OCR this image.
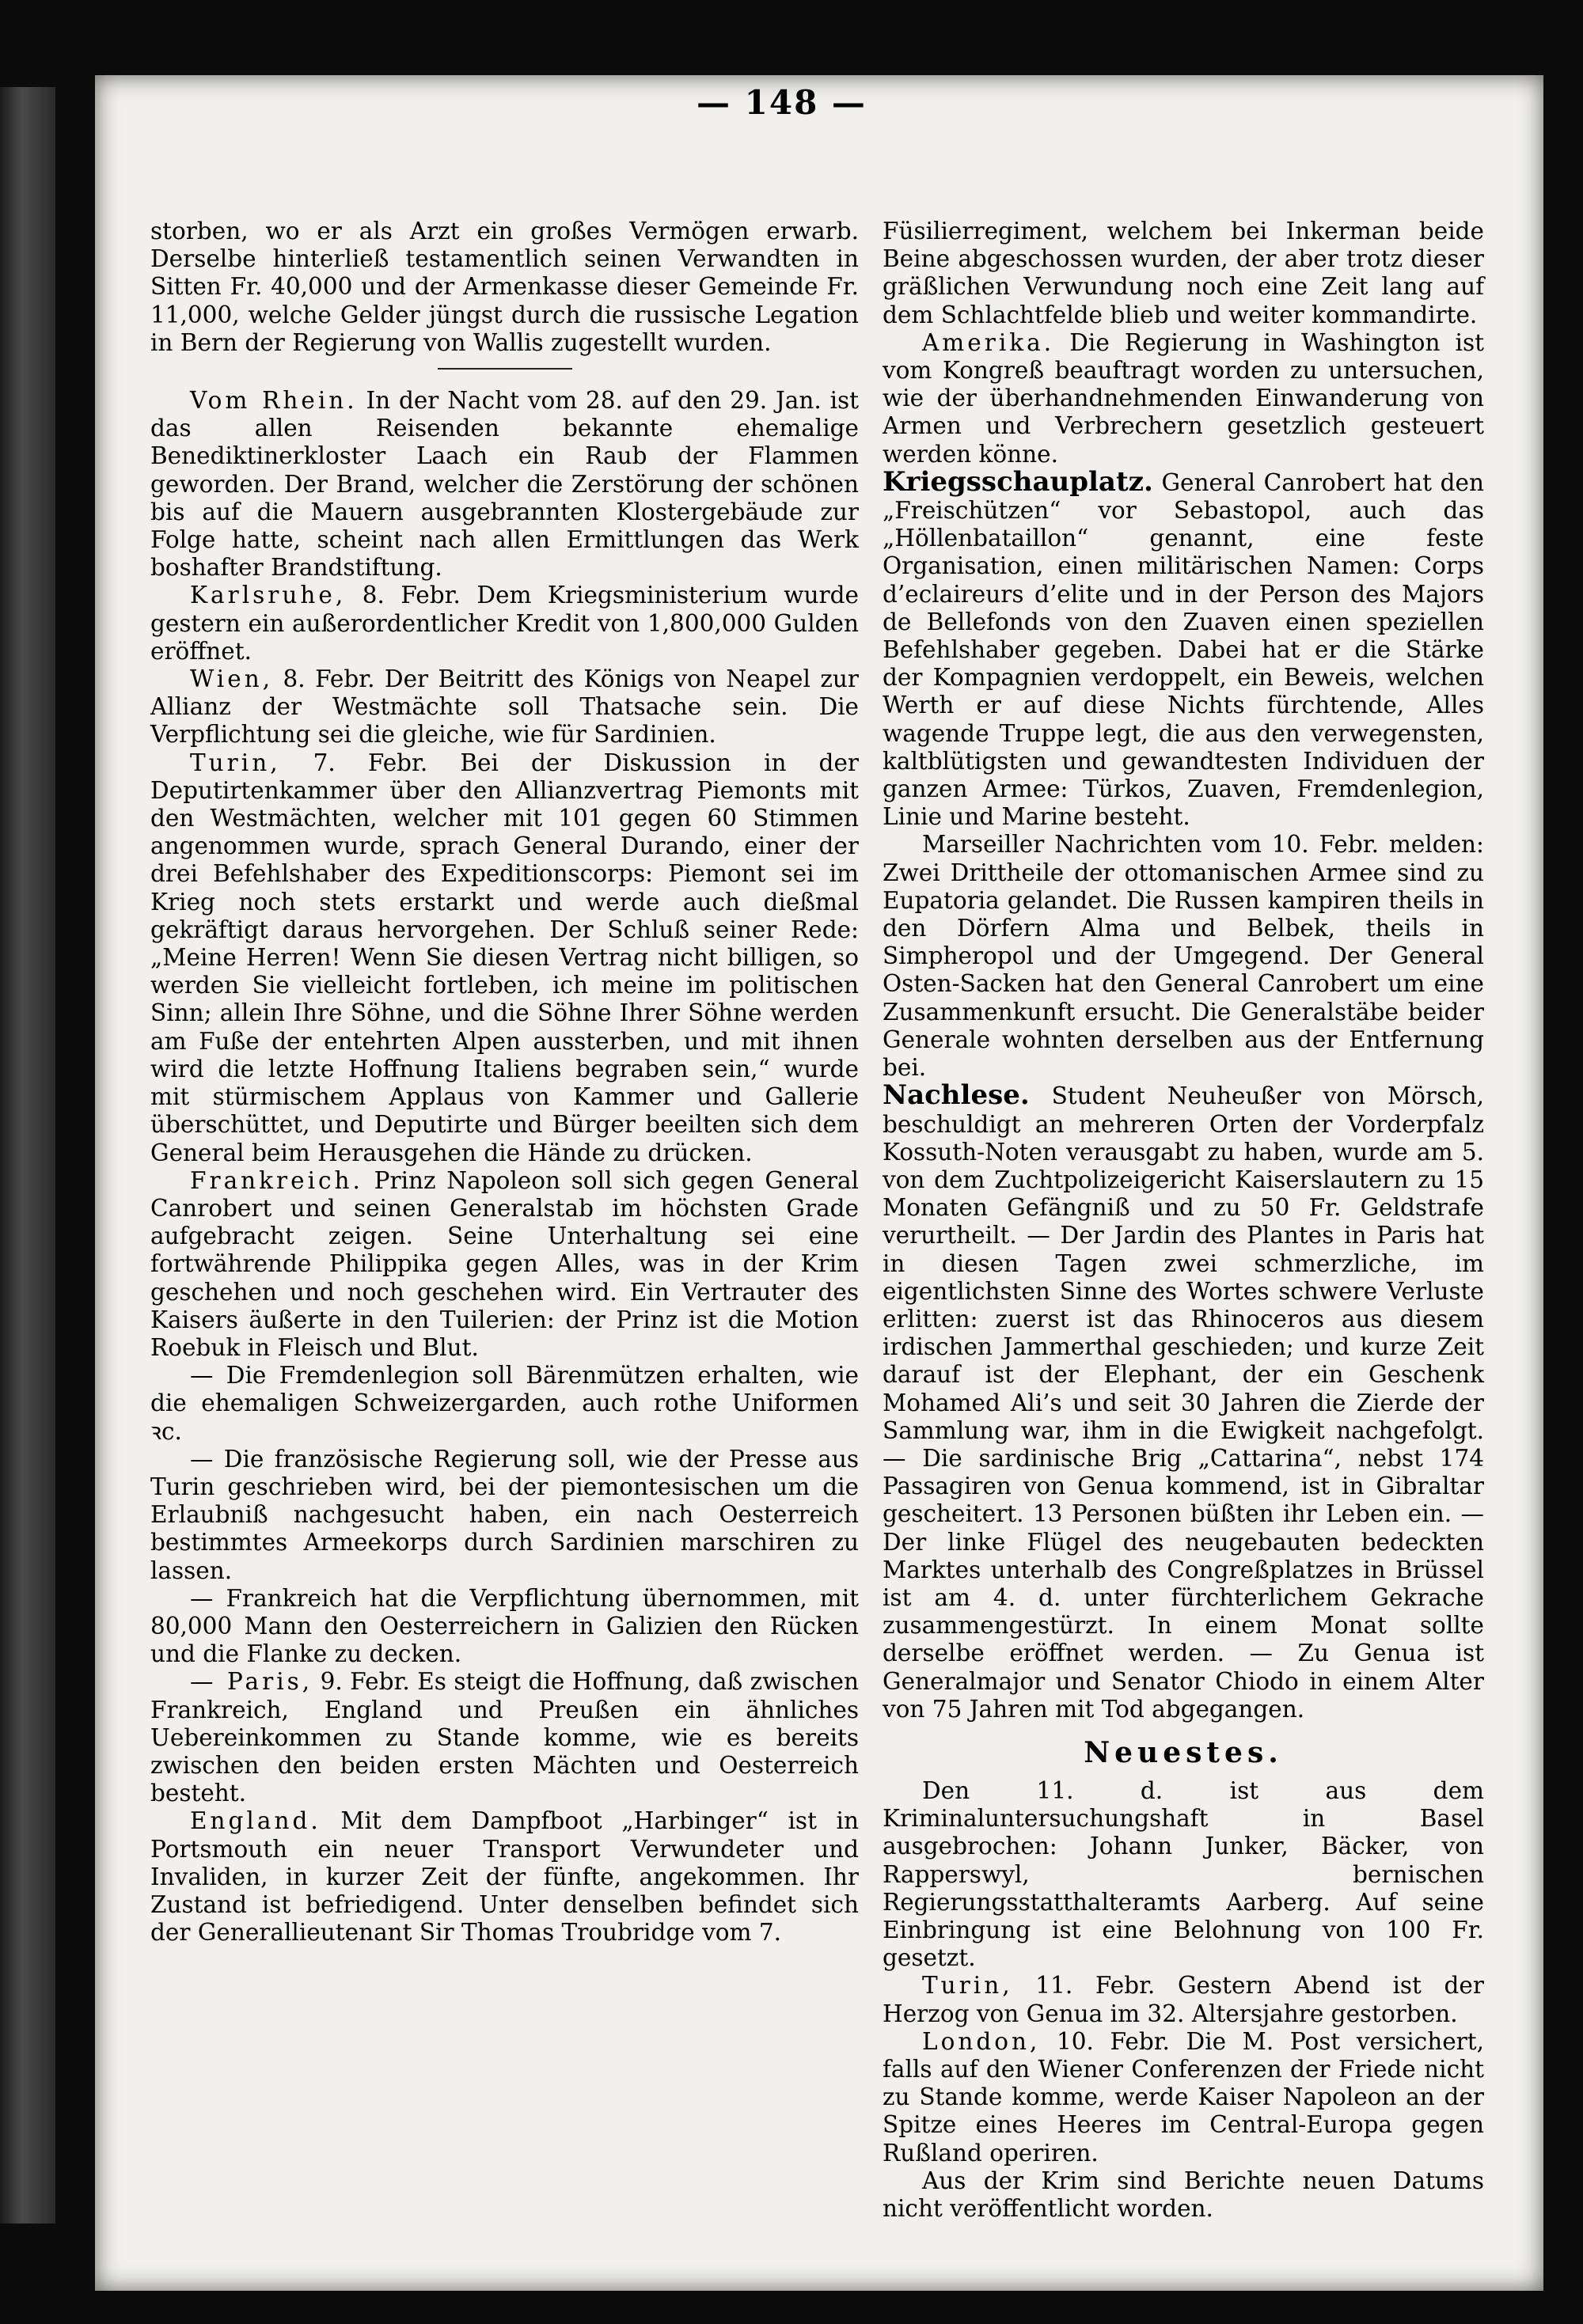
— 148 —

storben, wo er als Arzt ein großes Vermögen erwarb. Derselbe hinterließ testamentlich seinen Verwandten in Sitten Fr. 40,000 und der Armenkasse dieser Gemeinde Fr. 11,000, welche Gelder jüngst durch die russische Legation in Bern der Regierung von Wallis zugestellt wurden.

Vom Rhein. In der Nacht vom 28. auf den 29. Jan. ist das allen Reisenden bekannte ehemalige Benediktinerkloster Laach ein Raub der Flammen geworden. Der Brand, welcher die Zerstörung der schönen bis auf die Mauern ausgebrannten Klostergebäude zur Folge hatte, scheint nach allen Ermittlungen das Werk boshafter Brandstiftung.

Karlsruhe, 8. Febr. Dem Kriegsministerium wurde gestern ein außerordentlicher Kredit von 1,800,000 Gulden eröffnet.

Wien, 8. Febr. Der Beitritt des Königs von Neapel zur Allianz der Westmächte soll Thatsache sein. Die Verpflichtung sei die gleiche, wie für Sardinien.

Turin, 7. Febr. Bei der Diskussion in der Deputirtenkammer über den Allianzvertrag Piemonts mit den Westmächten, welcher mit 101 gegen 60 Stimmen angenommen wurde, sprach General Durando, einer der drei Befehlshaber des Expeditionscorps: Piemont sei im Krieg noch stets erstarkt und werde auch dießmal gekräftigt daraus hervorgehen. Der Schluß seiner Rede: „Meine Herren! Wenn Sie diesen Vertrag nicht billigen, so werden Sie vielleicht fortleben, ich meine im politischen Sinn; allein Ihre Söhne, und die Söhne Ihrer Söhne werden am Fuße der entehrten Alpen aussterben, und mit ihnen wird die letzte Hoffnung Italiens begraben sein,“ wurde mit stürmischem Applaus von Kammer und Gallerie überschüttet, und Deputirte und Bürger beeilten sich dem General beim Herausgehen die Hände zu drücken.

Frankreich. Prinz Napoleon soll sich gegen General Canrobert und seinen Generalstab im höchsten Grade aufgebracht zeigen. Seine Unterhaltung sei eine fortwährende Philippika gegen Alles, was in der Krim geschehen und noch geschehen wird. Ein Vertrauter des Kaisers äußerte in den Tuilerien: der Prinz ist die Motion Roebuk in Fleisch und Blut.

— Die Fremdenlegion soll Bärenmützen erhalten, wie die ehemaligen Schweizergarden, auch rothe Uniformen ꝛc.

— Die französische Regierung soll, wie der Presse aus Turin geschrieben wird, bei der piemontesischen um die Erlaubniß nachgesucht haben, ein nach Oesterreich bestimmtes Armeekorps durch Sardinien marschiren zu lassen.

— Frankreich hat die Verpflichtung übernommen, mit 80,000 Mann den Oesterreichern in Galizien den Rücken und die Flanke zu decken.

— Paris, 9. Febr. Es steigt die Hoffnung, daß zwischen Frankreich, England und Preußen ein ähnliches Uebereinkommen zu Stande komme, wie es bereits zwischen den beiden ersten Mächten und Oesterreich besteht.

England. Mit dem Dampfboot „Harbinger“ ist in Portsmouth ein neuer Transport Verwundeter und Invaliden, in kurzer Zeit der fünfte, angekommen. Ihr Zustand ist befriedigend. Unter denselben befindet sich der Generallieutenant Sir Thomas Troubridge vom 7.

Füsilierregiment, welchem bei Inkerman beide Beine abgeschossen wurden, der aber trotz dieser gräßlichen Verwundung noch eine Zeit lang auf dem Schlachtfelde blieb und weiter kommandirte.

Amerika. Die Regierung in Washington ist vom Kongreß beauftragt worden zu untersuchen, wie der überhandnehmenden Einwanderung von Armen und Verbrechern gesetzlich gesteuert werden könne.

Kriegsschauplatz. General Canrobert hat den „Freischützen“ vor Sebastopol, auch das „Höllenbataillon“ genannt, eine feste Organisation, einen militärischen Namen: Corps d’eclaireurs d’elite und in der Person des Majors de Bellefonds von den Zuaven einen speziellen Befehlshaber gegeben. Dabei hat er die Stärke der Kompagnien verdoppelt, ein Beweis, welchen Werth er auf diese Nichts fürchtende, Alles wagende Truppe legt, die aus den verwegensten, kaltblütigsten und gewandtesten Individuen der ganzen Armee: Türkos, Zuaven, Fremdenlegion, Linie und Marine besteht.

Marseiller Nachrichten vom 10. Febr. melden: Zwei Drittheile der ottomanischen Armee sind zu Eupatoria gelandet. Die Russen kampiren theils in den Dörfern Alma und Belbek, theils in Simpheropol und der Umgegend. Der General Osten-Sacken hat den General Canrobert um eine Zusammenkunft ersucht. Die Generalstäbe beider Generale wohnten derselben aus der Entfernung bei.

Nachlese. Student Neuheußer von Mörsch, beschuldigt an mehreren Orten der Vorderpfalz Kossuth-Noten verausgabt zu haben, wurde am 5. von dem Zuchtpolizeigericht Kaiserslautern zu 15 Monaten Gefängniß und zu 50 Fr. Geldstrafe verurtheilt. — Der Jardin des Plantes in Paris hat in diesen Tagen zwei schmerzliche, im eigentlichsten Sinne des Wortes schwere Verluste erlitten: zuerst ist das Rhinoceros aus diesem irdischen Jammerthal geschieden; und kurze Zeit darauf ist der Elephant, der ein Geschenk Mohamed Ali’s und seit 30 Jahren die Zierde der Sammlung war, ihm in die Ewigkeit nachgefolgt. — Die sardinische Brig „Cattarina“, nebst 174 Passagiren von Genua kommend, ist in Gibraltar gescheitert. 13 Personen büßten ihr Leben ein. — Der linke Flügel des neugebauten bedeckten Marktes unterhalb des Congreßplatzes in Brüssel ist am 4. d. unter fürchterlichem Gekrache zusammengestürzt. In einem Monat sollte derselbe eröffnet werden. — Zu Genua ist Generalmajor und Senator Chiodo in einem Alter von 75 Jahren mit Tod abgegangen.

Neuestes.

Den 11. d. ist aus dem Kriminaluntersuchungshaft in Basel ausgebrochen: Johann Junker, Bäcker, von Rapperswyl, bernischen Regierungsstatthalteramts Aarberg. Auf seine Einbringung ist eine Belohnung von 100 Fr. gesetzt.

Turin, 11. Febr. Gestern Abend ist der Herzog von Genua im 32. Altersjahre gestorben.

London, 10. Febr. Die M. Post versichert, falls auf den Wiener Conferenzen der Friede nicht zu Stande komme, werde Kaiser Napoleon an der Spitze eines Heeres im Central-Europa gegen Rußland operiren.

Aus der Krim sind Berichte neuen Datums nicht veröffentlicht worden.
